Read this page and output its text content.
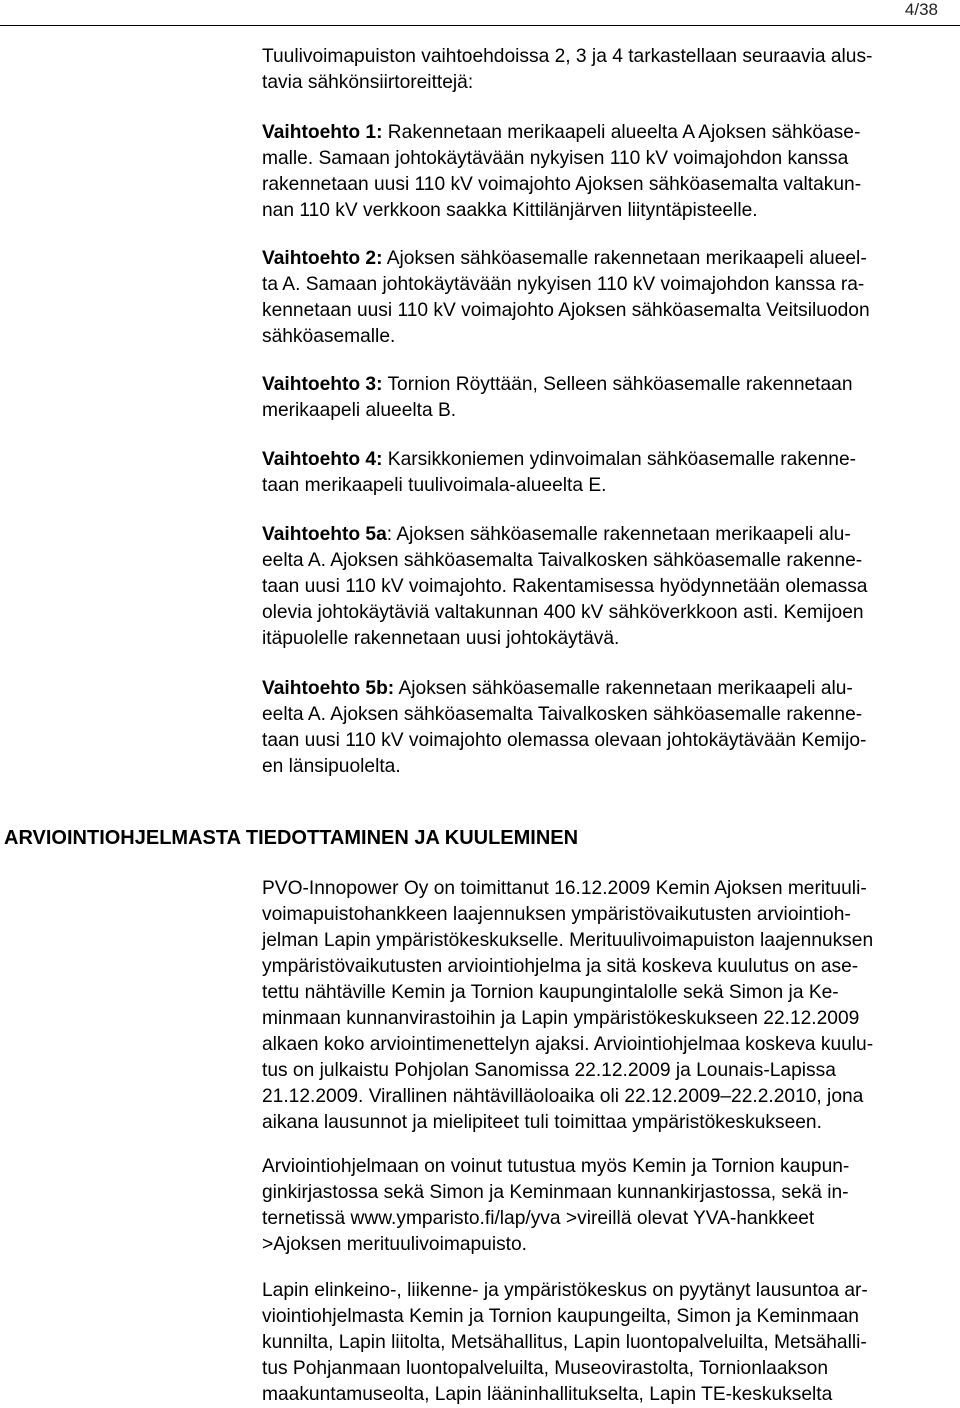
4/38

Tuulivoimapuiston vaihtoehdoissa 2, 3 ja 4 tarkastellaan seuraavia alus-
tavia sähkönsiirtoreittejä:

Vaihtoehto 1: Rakennetaan merikaapeli alueelta A Ajoksen sähköase-
malle. Samaan johtokäytävään nykyisen 110 kV voimajohdon kanssa
rakennetaan uusi 110 kV voimajohto Ajoksen sähköasemalta valtakun-
nan 110 kV verkkoon saakka Kittilänjärven liityntäpisteelle.

Vaihtoehto 2: Ajoksen sähköasemalle rakennetaan merikaapeli alueel-
ta A. Samaan johtokäytävään nykyisen 110 kV voimajohdon kanssa ra-
kennetaan uusi 110 kV voimajohto Ajoksen sähköasemalta Veitsiluodon
sähköasemalle.

Vaihtoehto 3: Tornion Röyttään, Selleen sähköasemalle rakennetaan
merikaapeli alueelta B.

Vaihtoehto 4: Karsikkoniemen ydinvoimalan sähköasemalle rakenne-
taan merikaapeli tuulivoimala-alueelta E.

Vaihtoehto 5a: Ajoksen sähköasemalle rakennetaan merikaapeli alu-
eelta A. Ajoksen sähköasemalta Taivalkosken sähköasemalle rakenne-
taan uusi 110 kV voimajohto. Rakentamisessa hyödynnetään olemassa
olevia johtokäytäviä valtakunnan 400 kV sähköverkkoon asti. Kemijoen
itäpuolelle rakennetaan uusi johtokäytävä.

Vaihtoehto 5b: Ajoksen sähköasemalle rakennetaan merikaapeli alu-
eelta A. Ajoksen sähköasemalta Taivalkosken sähköasemalle rakenne-
taan uusi 110 kV voimajohto olemassa olevaan johtokäytävään Kemijo-
en länsipuolelta.

ARVIOINTIOHJELMASTA TIEDOTTAMINEN JA KUULEMINEN

PVO-Innopower Oy on toimittanut 16.12.2009 Kemin Ajoksen merituuli-
voimapuistohankkeen laajennuksen ympäristövaikutusten arviointioh-
jelman Lapin ympäristökeskukselle. Merituulivoimapuiston laajennuksen
ympäristövaikutusten arviointiohjelma ja sitä koskeva kuulutus on ase-
tettu nähtäville Kemin ja Tornion kaupungintalolle sekä Simon ja Ke-
minmaan kunnanvirastoihin ja Lapin ympäristökeskukseen 22.12.2009
alkaen koko arviointimenettelyn ajaksi. Arviointiohjelmaa koskeva kuulu-
tus on julkaistu Pohjolan Sanomissa 22.12.2009 ja Lounais-Lapissa
21.12.2009. Virallinen nähtävilläoloaika oli 22.12.2009–22.2.2010, jona
aikana lausunnot ja mielipiteet tuli toimittaa ympäristökeskukseen.

Arviointiohjelmaan on voinut tutustua myös Kemin ja Tornion kaupun-
ginkirjastossa sekä Simon ja Keminmaan kunnankirjastossa, sekä in-
ternetissä www.ymparisto.fi/lap/yva >vireillä olevat YVA-hankkeet
>Ajoksen merituulivoimapuisto.

Lapin elinkeino-, liikenne- ja ympäristökeskus on pyytänyt lausuntoa ar-
viointiohjelmasta Kemin ja Tornion kaupungeilta, Simon ja Keminmaan
kunnilta, Lapin liitolta, Metsähallitus, Lapin luontopalveluilta, Metsähalli-
tus Pohjanmaan luontopalveluilta, Museovirastolta, Tornionlaakson
maakuntamuseolta, Lapin lääninhallitukselta, Lapin TE-keskukselta
